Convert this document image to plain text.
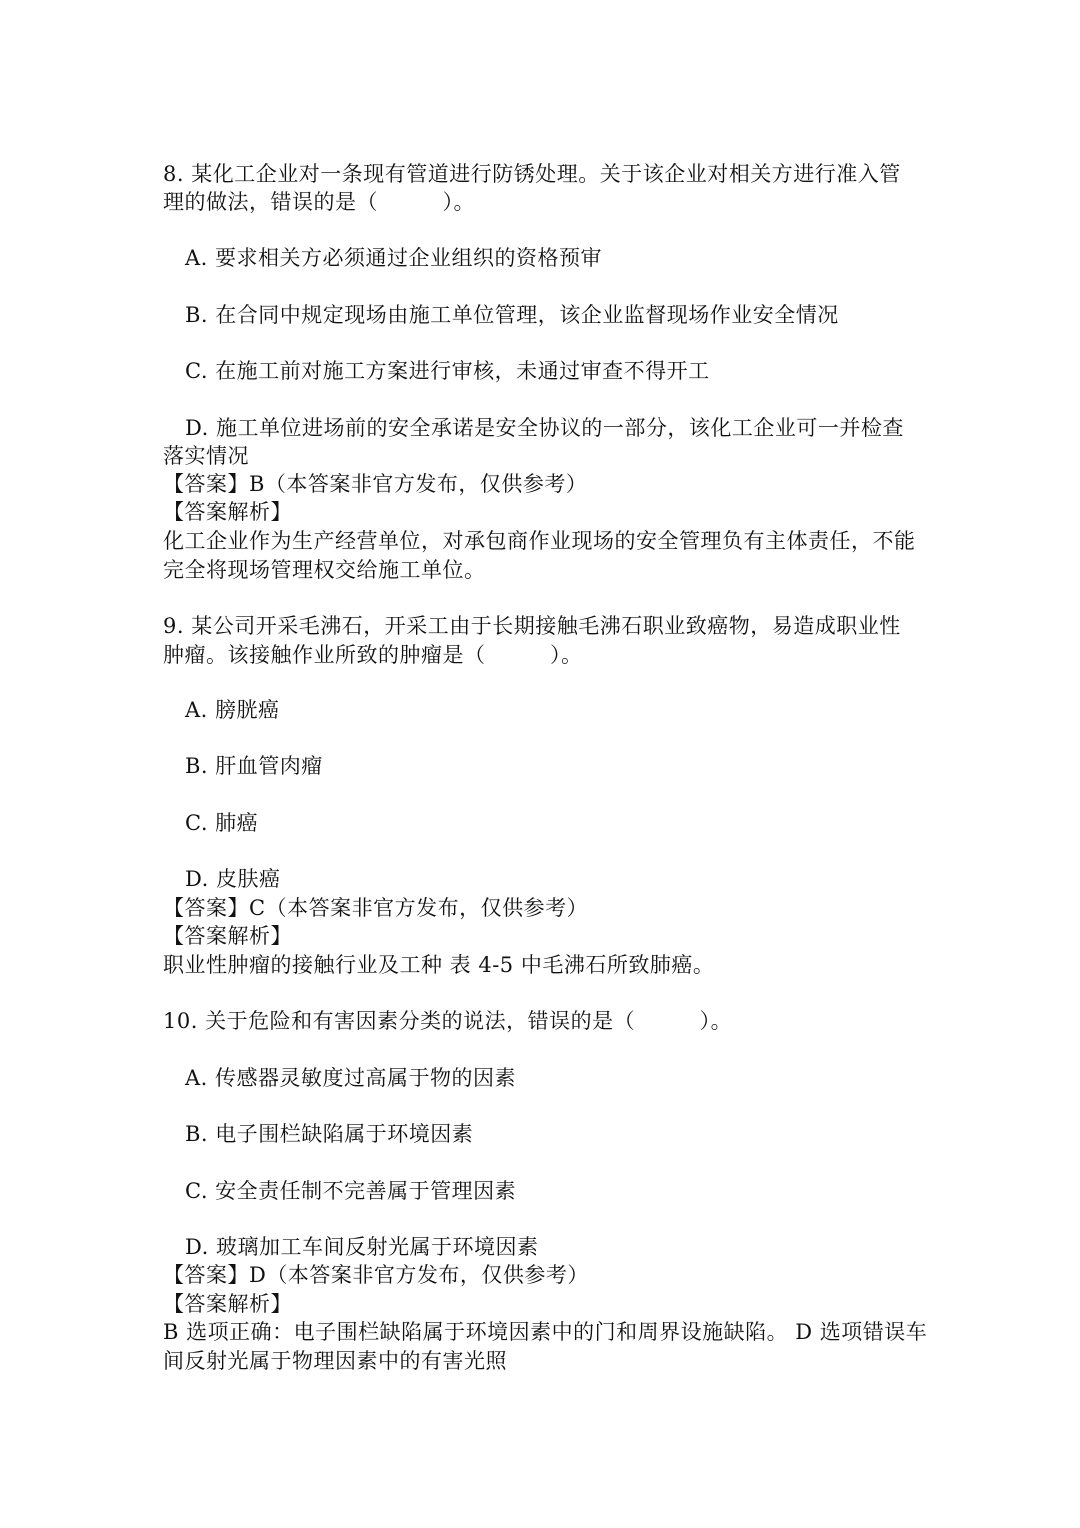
8. 某化工企业对一条现有管道进行防锈处理。关于该企业对相关方进行准入管
理的做法，错误的是（　　　）。
A. 要求相关方必须通过企业组织的资格预审
B. 在合同中规定现场由施工单位管理，该企业监督现场作业安全情况
C. 在施工前对施工方案进行审核，未通过审查不得开工
D. 施工单位进场前的安全承诺是安全协议的一部分，该化工企业可一并检查
落实情况
【答案】B（本答案非官方发布，仅供参考）
【答案解析】
化工企业作为生产经营单位，对承包商作业现场的安全管理负有主体责任，不能
完全将现场管理权交给施工单位。
9. 某公司开采毛沸石，开采工由于长期接触毛沸石职业致癌物，易造成职业性
肿瘤。该接触作业所致的肿瘤是（　　　）。
A. 膀胱癌
B. 肝血管肉瘤
C. 肺癌
D. 皮肤癌
【答案】C（本答案非官方发布，仅供参考）
【答案解析】
职业性肿瘤的接触行业及工种 表 4-5 中毛沸石所致肺癌。
10. 关于危险和有害因素分类的说法，错误的是（　　　）。
A. 传感器灵敏度过高属于物的因素
B. 电子围栏缺陷属于环境因素
C. 安全责任制不完善属于管理因素
D. 玻璃加工车间反射光属于环境因素
【答案】D（本答案非官方发布，仅供参考）
【答案解析】
B 选项正确：电子围栏缺陷属于环境因素中的门和周界设施缺陷。 D 选项错误车
间反射光属于物理因素中的有害光照
